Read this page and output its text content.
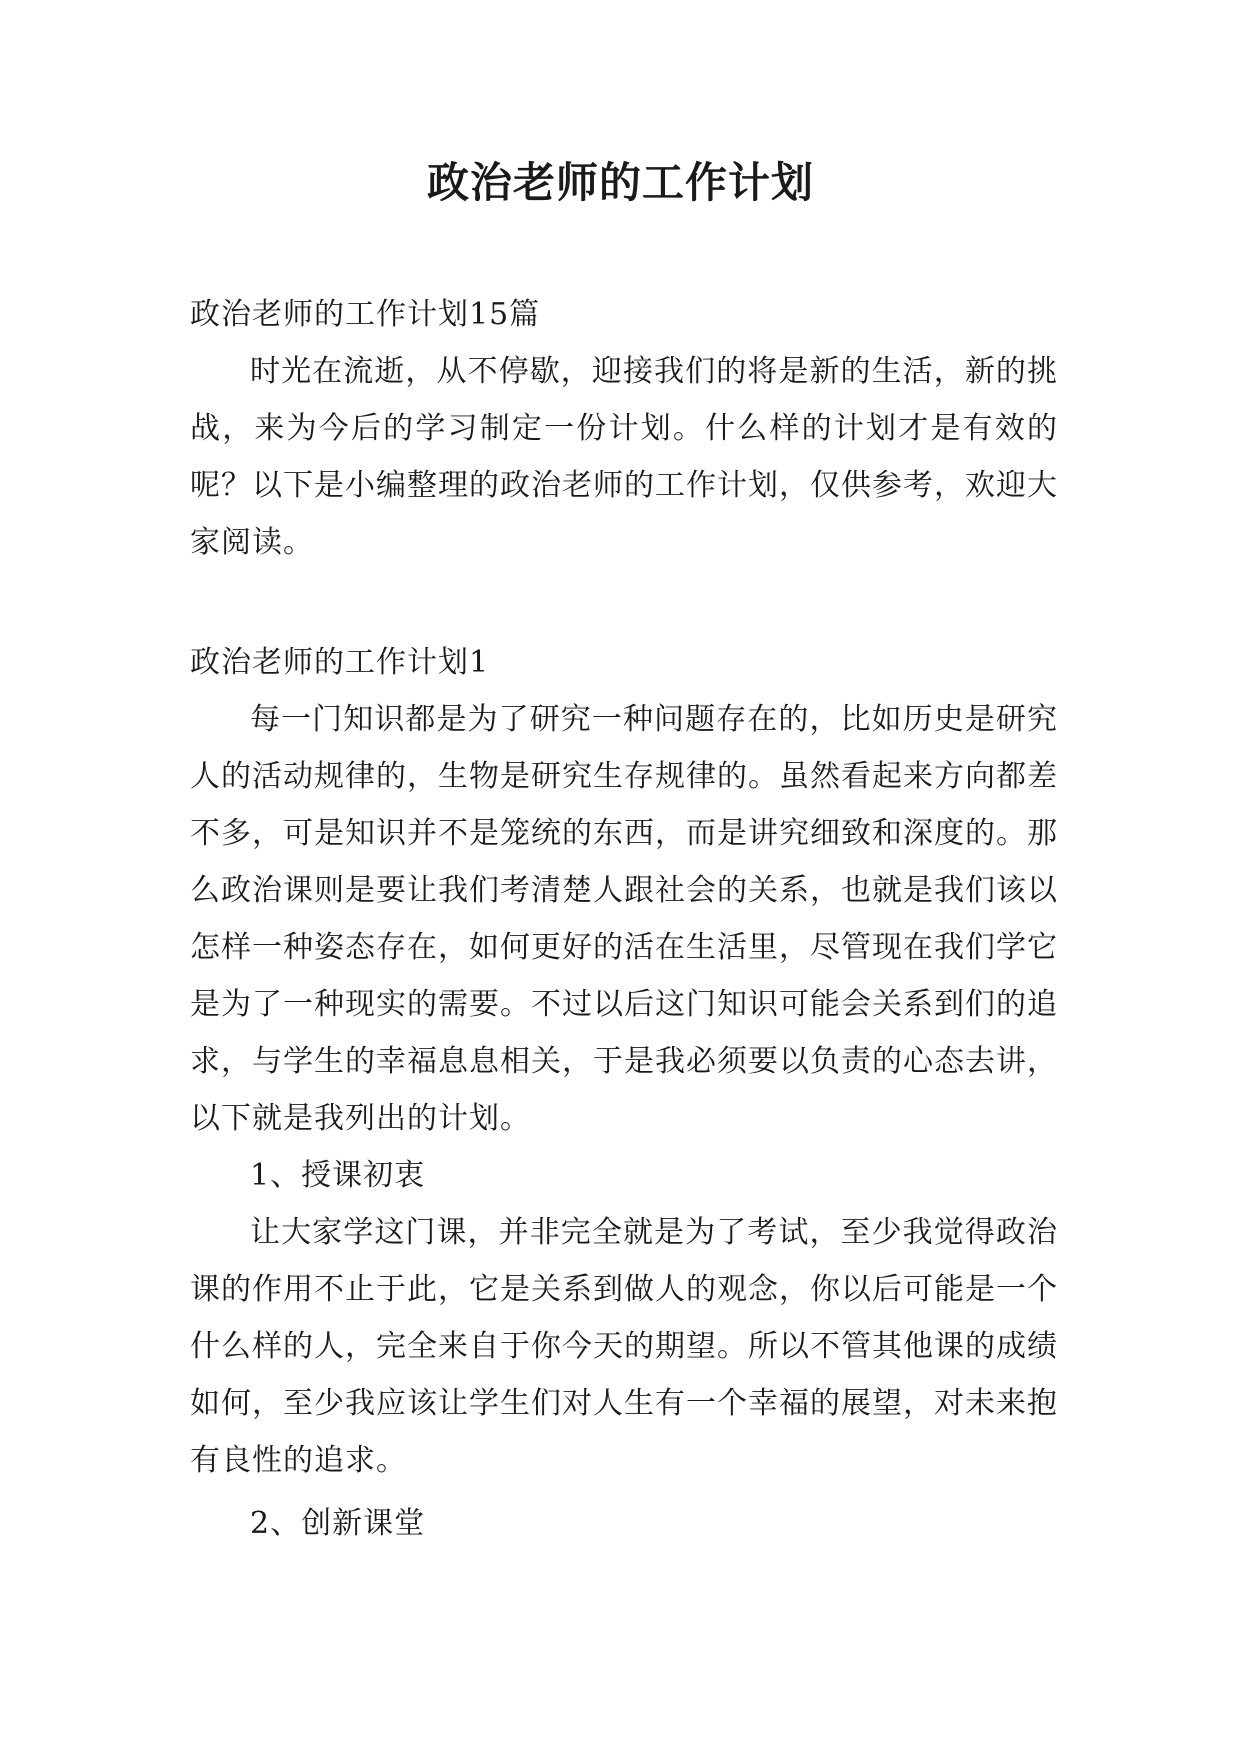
政治老师的工作计划

政治老师的工作计划15篇

时光在流逝，从不停歇，迎接我们的将是新的生活，新的挑战，来为今后的学习制定一份计划。什么样的计划才是有效的呢？以下是小编整理的政治老师的工作计划，仅供参考，欢迎大家阅读。

政治老师的工作计划1

每一门知识都是为了研究一种问题存在的，比如历史是研究人的活动规律的，生物是研究生存规律的。虽然看起来方向都差不多，可是知识并不是笼统的东西，而是讲究细致和深度的。那么政治课则是要让我们考清楚人跟社会的关系，也就是我们该以怎样一种姿态存在，如何更好的活在生活里，尽管现在我们学它是为了一种现实的需要。不过以后这门知识可能会关系到们的追求，与学生的幸福息息相关，于是我必须要以负责的心态去讲，以下就是我列出的计划。

1、授课初衷

让大家学这门课，并非完全就是为了考试，至少我觉得政治课的作用不止于此，它是关系到做人的观念，你以后可能是一个什么样的人，完全来自于你今天的期望。所以不管其他课的成绩如何，至少我应该让学生们对人生有一个幸福的展望，对未来抱有良性的追求。

2、创新课堂
